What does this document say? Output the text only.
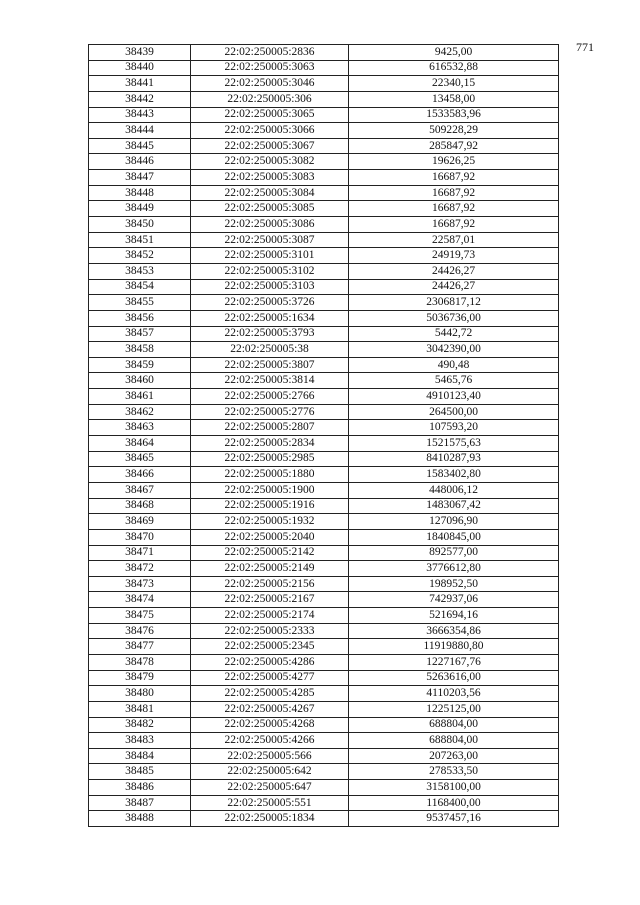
771
38439	22:02:250005:2836	9425,00
38440	22:02:250005:3063	616532,88
38441	22:02:250005:3046	22340,15
38442	22:02:250005:306	13458,00
38443	22:02:250005:3065	1533583,96
38444	22:02:250005:3066	509228,29
38445	22:02:250005:3067	285847,92
38446	22:02:250005:3082	19626,25
38447	22:02:250005:3083	16687,92
38448	22:02:250005:3084	16687,92
38449	22:02:250005:3085	16687,92
38450	22:02:250005:3086	16687,92
38451	22:02:250005:3087	22587,01
38452	22:02:250005:3101	24919,73
38453	22:02:250005:3102	24426,27
38454	22:02:250005:3103	24426,27
38455	22:02:250005:3726	2306817,12
38456	22:02:250005:1634	5036736,00
38457	22:02:250005:3793	5442,72
38458	22:02:250005:38	3042390,00
38459	22:02:250005:3807	490,48
38460	22:02:250005:3814	5465,76
38461	22:02:250005:2766	4910123,40
38462	22:02:250005:2776	264500,00
38463	22:02:250005:2807	107593,20
38464	22:02:250005:2834	1521575,63
38465	22:02:250005:2985	8410287,93
38466	22:02:250005:1880	1583402,80
38467	22:02:250005:1900	448006,12
38468	22:02:250005:1916	1483067,42
38469	22:02:250005:1932	127096,90
38470	22:02:250005:2040	1840845,00
38471	22:02:250005:2142	892577,00
38472	22:02:250005:2149	3776612,80
38473	22:02:250005:2156	198952,50
38474	22:02:250005:2167	742937,06
38475	22:02:250005:2174	521694,16
38476	22:02:250005:2333	3666354,86
38477	22:02:250005:2345	11919880,80
38478	22:02:250005:4286	1227167,76
38479	22:02:250005:4277	5263616,00
38480	22:02:250005:4285	4110203,56
38481	22:02:250005:4267	1225125,00
38482	22:02:250005:4268	688804,00
38483	22:02:250005:4266	688804,00
38484	22:02:250005:566	207263,00
38485	22:02:250005:642	278533,50
38486	22:02:250005:647	3158100,00
38487	22:02:250005:551	1168400,00
38488	22:02:250005:1834	9537457,16
